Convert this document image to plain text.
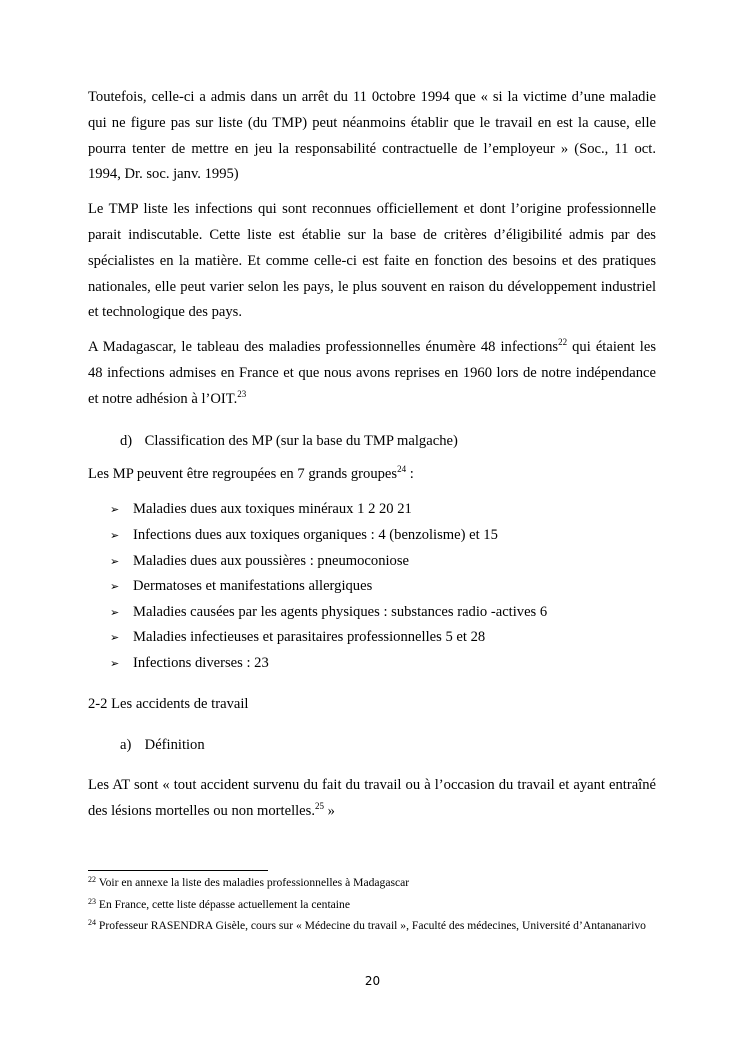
Toutefois, celle-ci a admis dans un arrêt du 11 0ctobre 1994 que « si la victime d’une maladie qui ne figure pas sur liste (du TMP) peut néanmoins établir que le travail en est la cause, elle pourra tenter de mettre en jeu la responsabilité contractuelle de l’employeur » (Soc., 11 oct. 1994, Dr. soc. janv. 1995)

Le TMP liste les infections qui sont reconnues officiellement et dont l’origine professionnelle parait indiscutable. Cette liste est établie sur la base de critères d’éligibilité admis par des spécialistes en la matière. Et comme celle-ci est faite en fonction des besoins et des pratiques nationales, elle peut varier selon les pays, le plus souvent en raison du développement industriel et technologique des pays.

A Madagascar, le tableau des maladies professionnelles énumère 48 infections$^{22}$ qui étaient les 48 infections admises en France et que nous avons reprises en 1960 lors de notre indépendance et notre adhésion à l’OIT.$^{23}$

d) Classification des MP (sur la base du TMP malgache)

Les MP peuvent être regroupées en 7 grands groupes$^{24}$ :

➢ Maladies dues aux toxiques minéraux 1 2 20 21
➢ Infections dues aux toxiques organiques : 4 (benzolisme) et 15
➢ Maladies dues aux poussières : pneumoconiose
➢ Dermatoses et manifestations allergiques
➢ Maladies causées par les agents physiques : substances radio -actives 6
➢ Maladies infectieuses et parasitaires professionnelles 5 et 28
➢ Infections diverses : 23

2-2 Les accidents de travail

a) Définition

Les AT sont « tout accident survenu du fait du travail ou à l’occasion du travail et ayant entraîné des lésions mortelles ou non mortelles.$^{25}$ »

$^{22}$ Voir en annexe la liste des maladies professionnelles à Madagascar
$^{23}$ En France, cette liste dépasse actuellement la centaine
$^{24}$ Professeur RASENDRA Gisèle, cours sur « Médecine du travail », Faculté des médecines, Université d’Antananarivo
20
